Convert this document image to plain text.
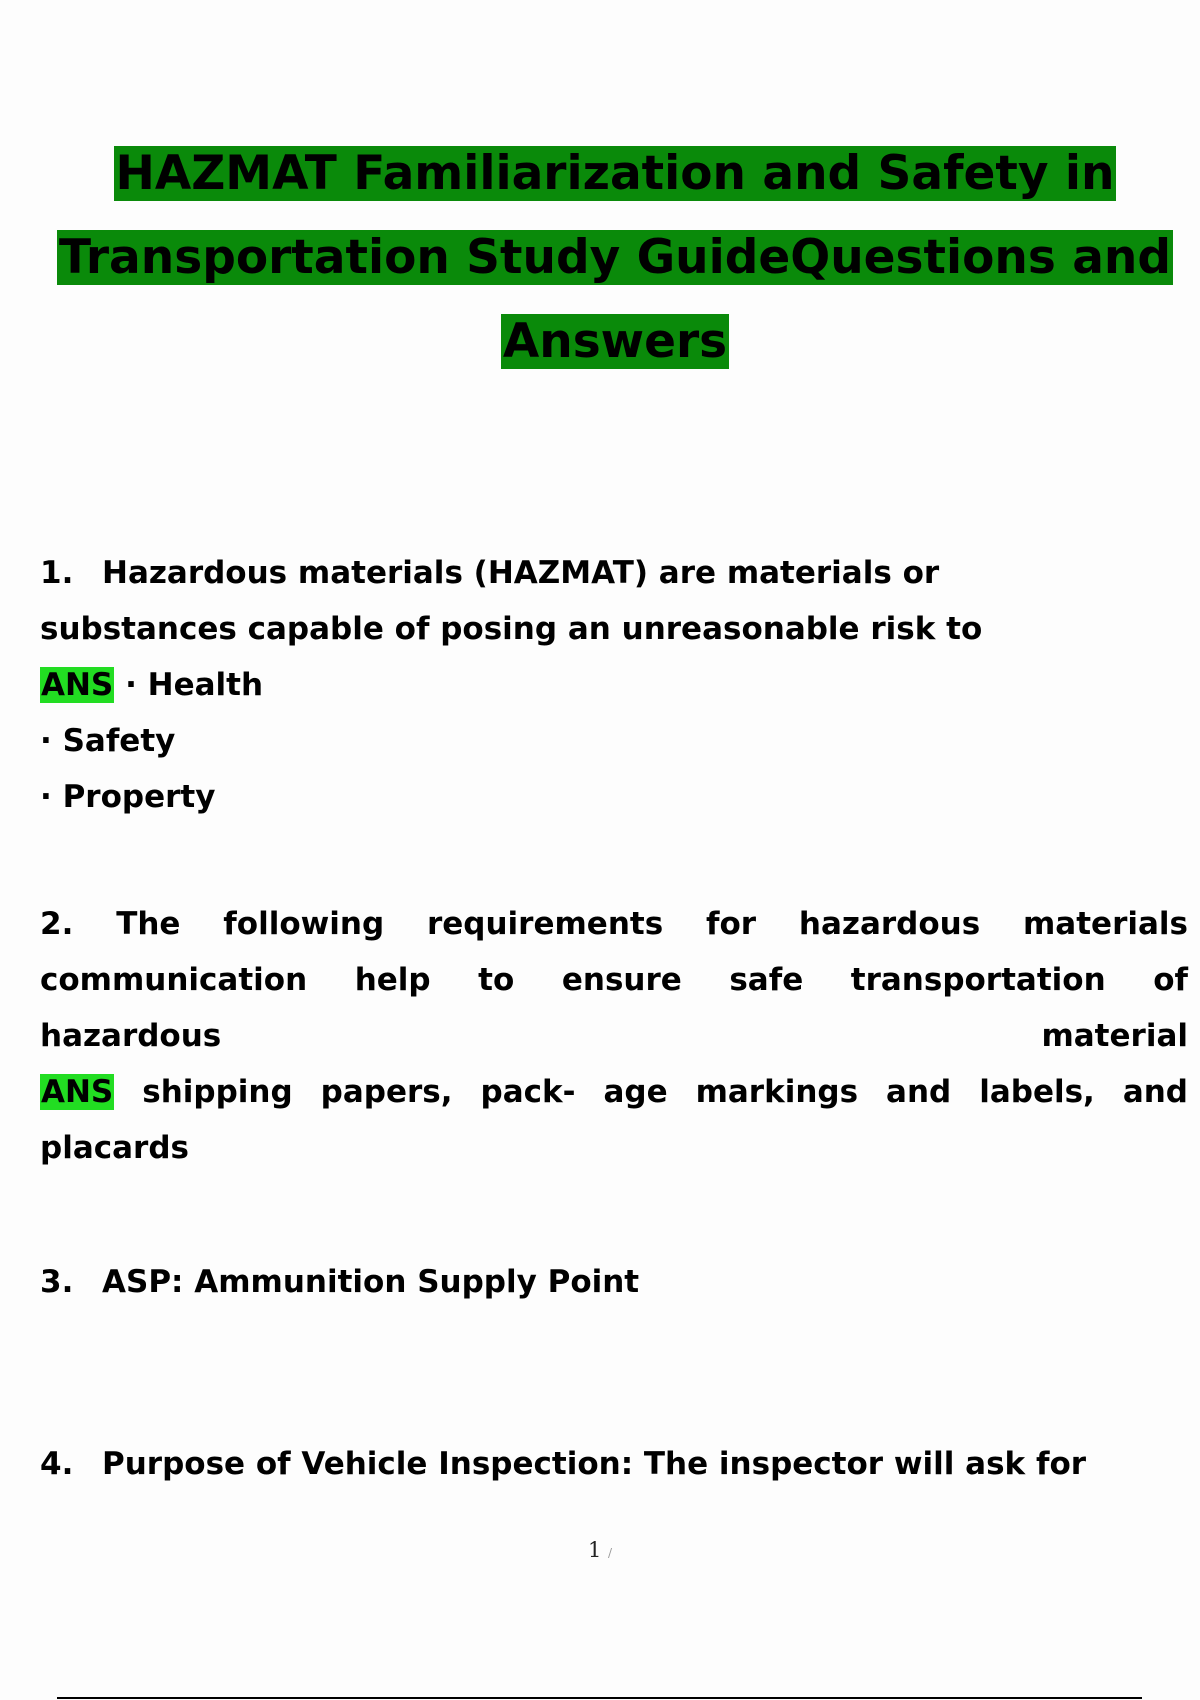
HAZMAT Familiarization and Safety in
Transportation Study GuideQuestions and
Answers
1. Hazardous materials (HAZMAT) are materials or
substances capable of posing an unreasonable risk to
ANS · Health
· Safety
· Property
2. The following requirements for hazardous materials
communication help to ensure safe transportation of
hazardous material
ANS shipping papers, pack- age markings and labels, and
placards
3. ASP: Ammunition Supply Point
4. Purpose of Vehicle Inspection: The inspector will ask for
1 /
